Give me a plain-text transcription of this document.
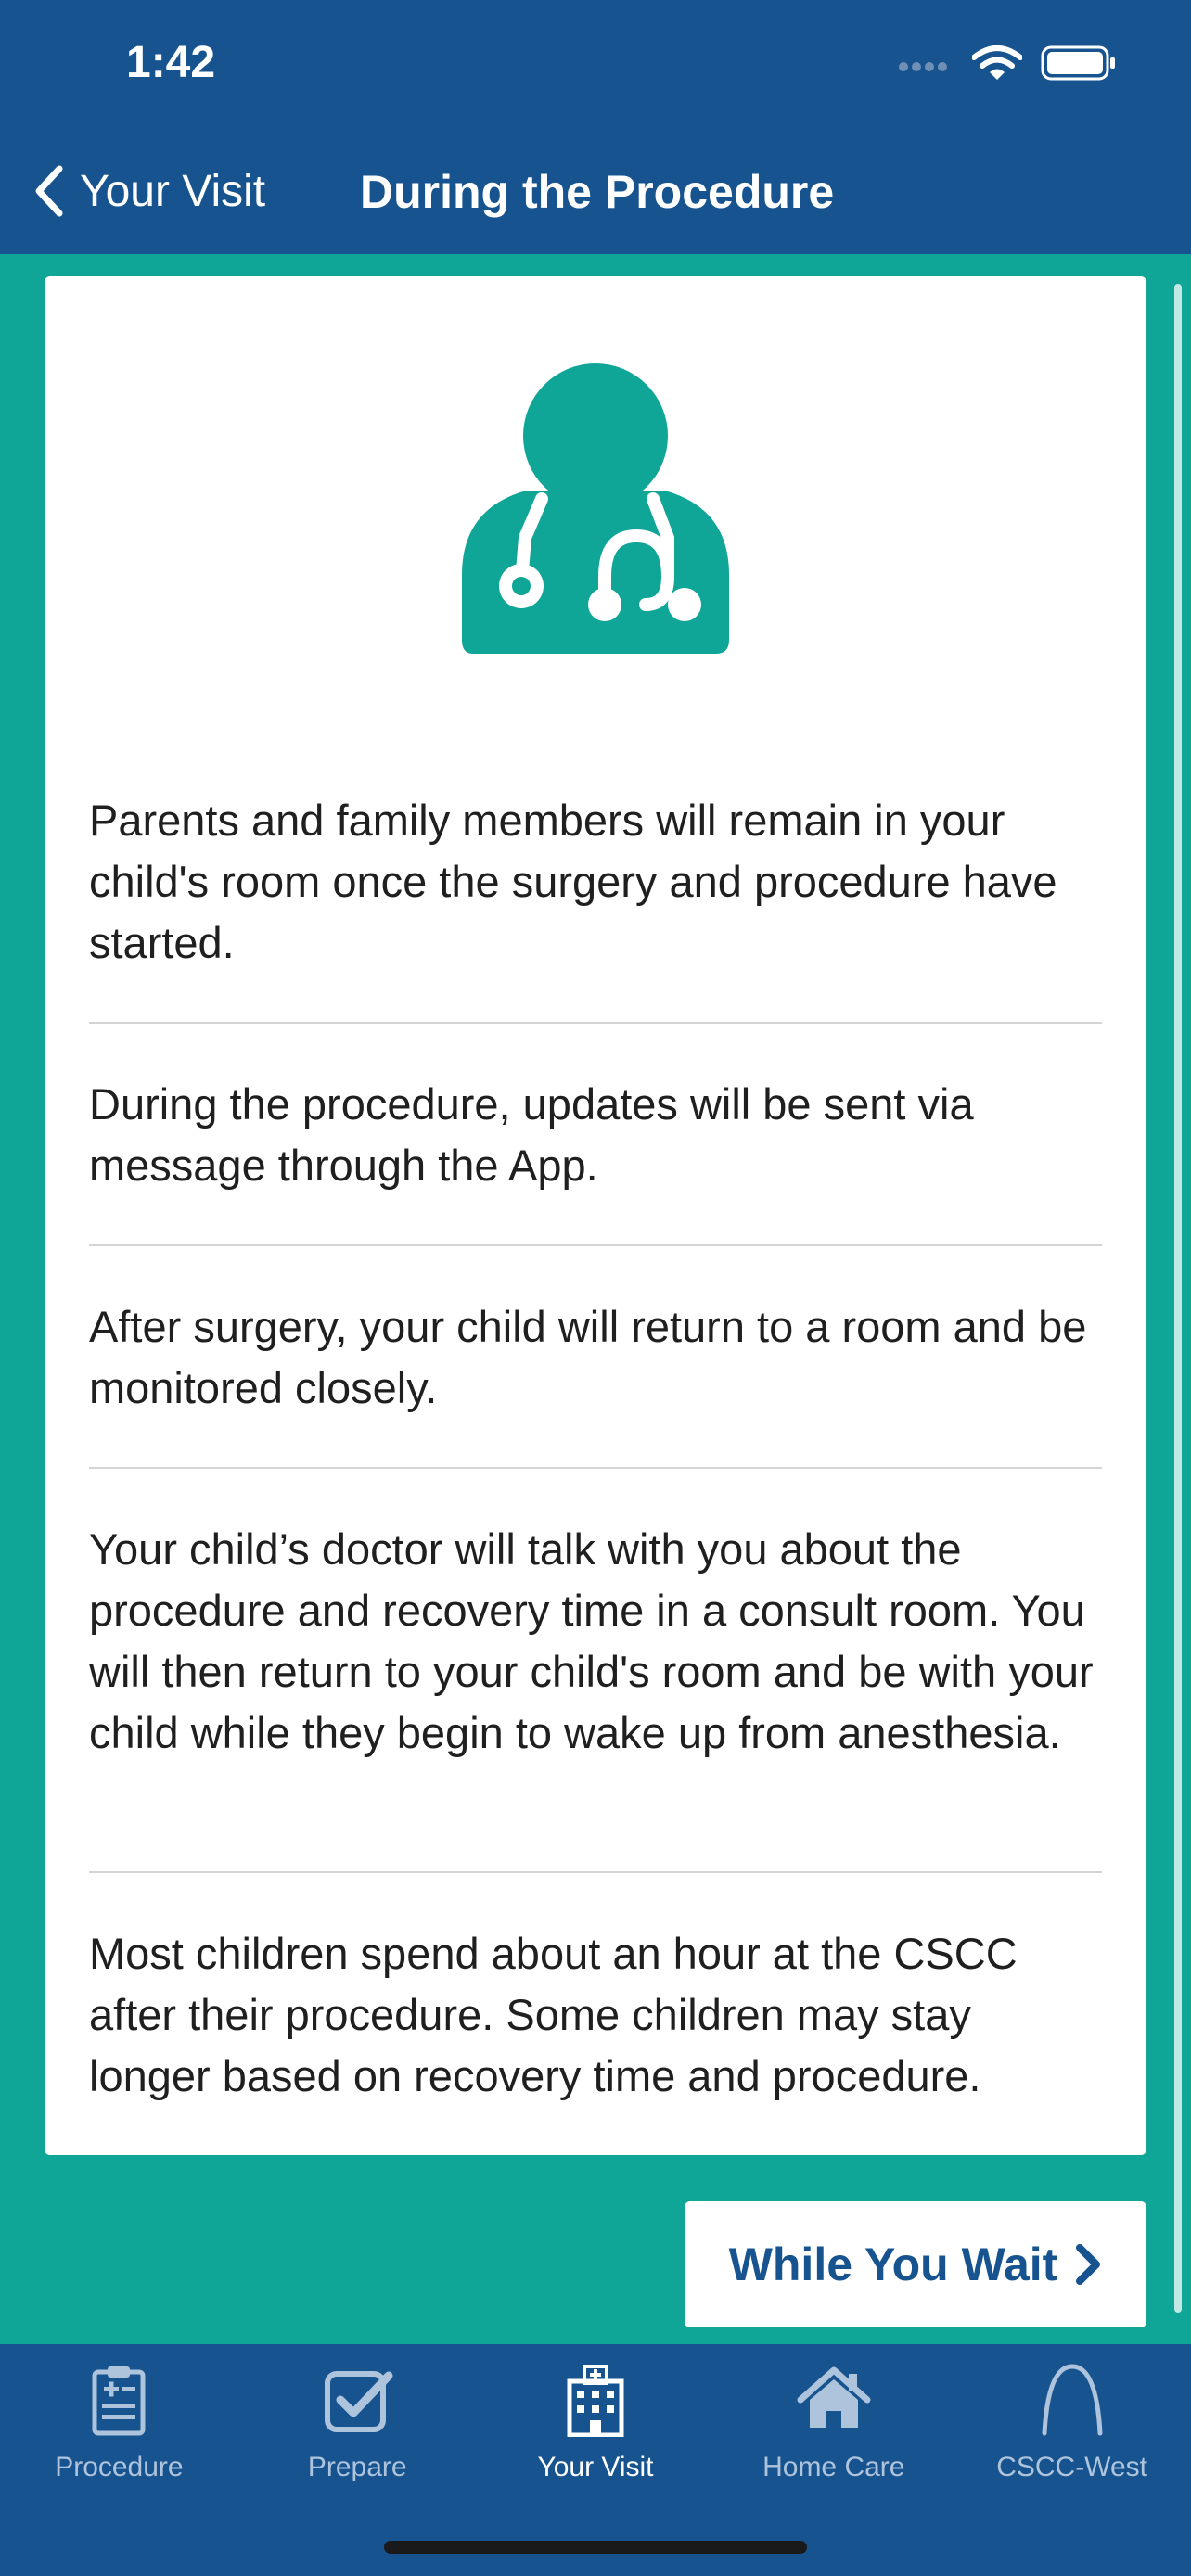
1:42
Your Visit During the Procedure
Parents and family members will remain in your child's room once the surgery and procedure have started.
During the procedure, updates will be sent via message through the App.
After surgery, your child will return to a room and be monitored closely.
Your child’s doctor will talk with you about the procedure and recovery time in a consult room. You will then return to your child's room and be with your child while they begin to wake up from anesthesia.
Most children spend about an hour at the CSCC after their procedure. Some children may stay longer based on recovery time and procedure.
While You Wait
Procedure	Prepare	Your Visit	Home Care	CSCC-West
